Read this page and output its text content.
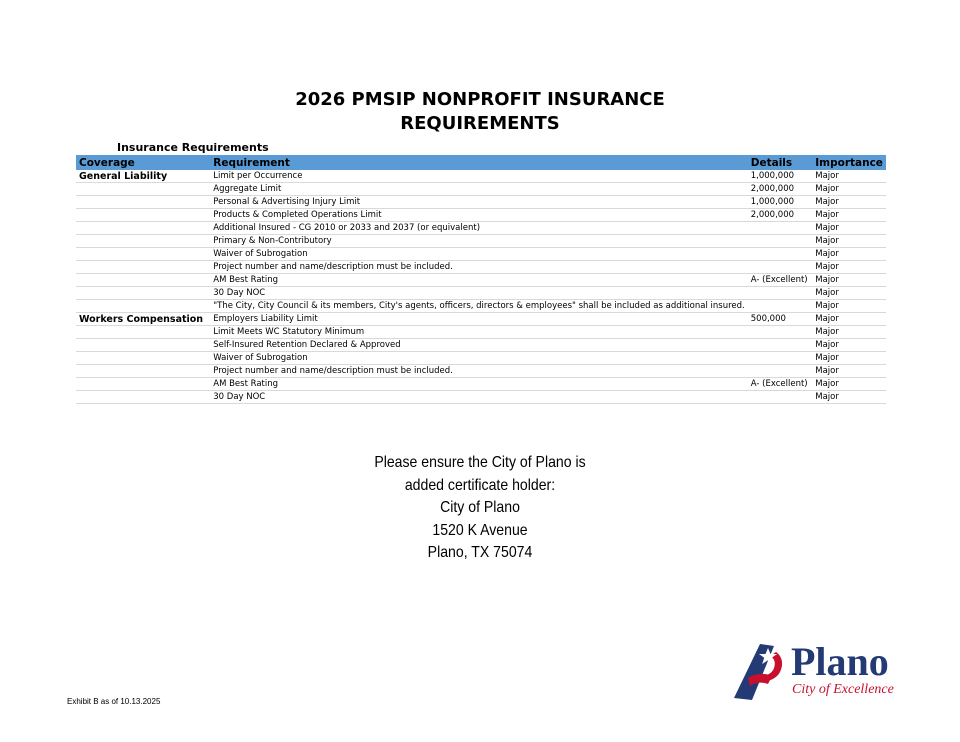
2026 PMSIP NONPROFIT INSURANCE
REQUIREMENTS
Insurance Requirements
Coverage	Requirement	Details	Importance
General Liability	Limit per Occurrence	1,000,000	Major
	Aggregate Limit	2,000,000	Major
	Personal & Advertising Injury Limit	1,000,000	Major
	Products & Completed Operations Limit	2,000,000	Major
	Additional Insured - CG 2010 or 2033 and 2037 (or equivalent)		Major
	Primary & Non-Contributory		Major
	Waiver of Subrogation		Major
	Project number and name/description must be included.		Major
	AM Best Rating	A- (Excellent)	Major
	30 Day NOC		Major
	"The City, City Council & its members, City's agents, officers, directors & employees" shall be included as additional insured.		Major
Workers Compensation	Employers Liability Limit	500,000	Major
	Limit Meets WC Statutory Minimum		Major
	Self-Insured Retention Declared & Approved		Major
	Waiver of Subrogation		Major
	Project number and name/description must be included.		Major
	AM Best Rating	A- (Excellent)	Major
	30 Day NOC		Major
Please ensure the City of Plano is
added certificate holder:
City of Plano
1520 K Avenue
Plano, TX 75074
Plano
City of Excellence
Exhibit B as of 10.13.2025
